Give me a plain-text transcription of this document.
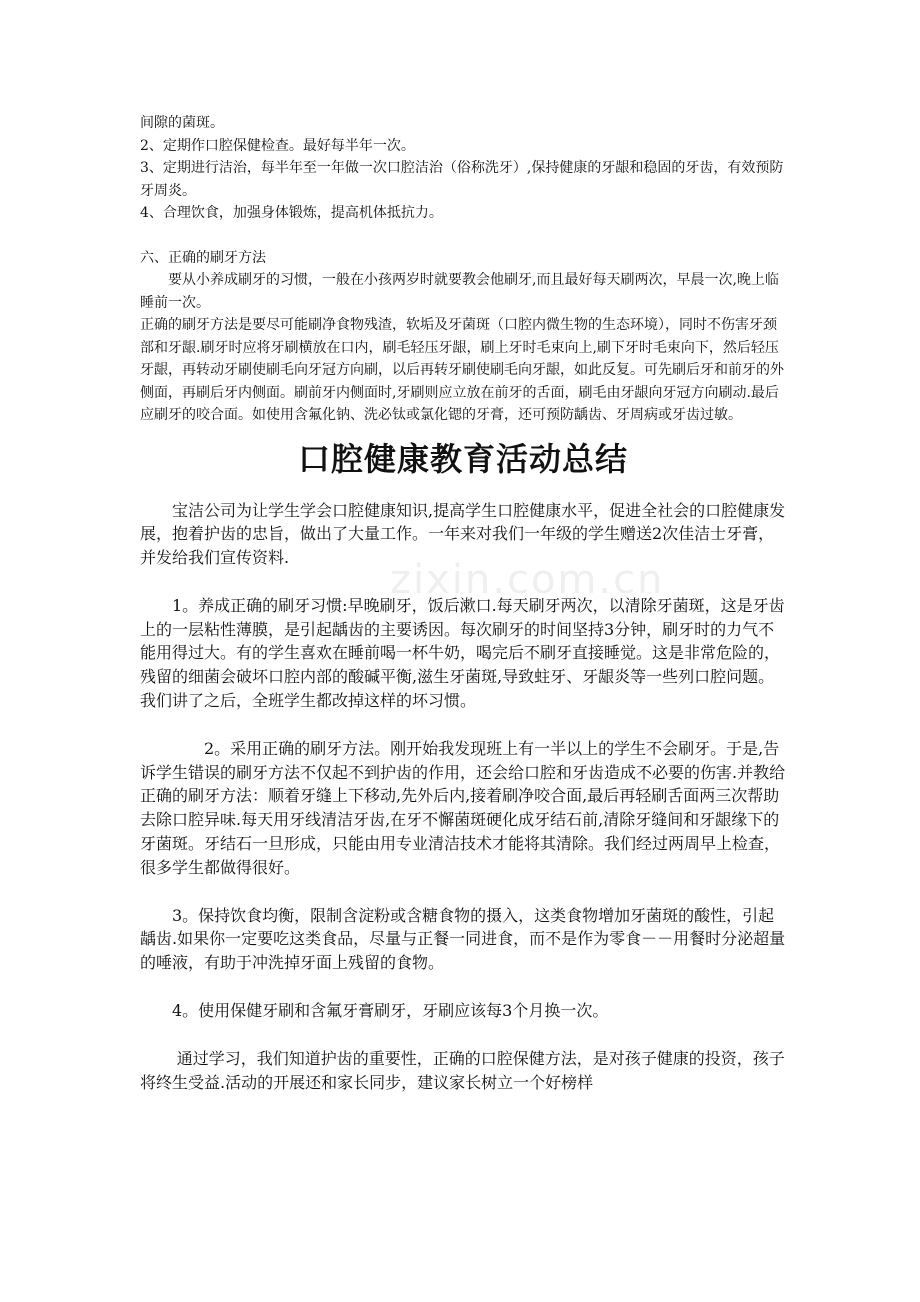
间隙的菌斑。

2、定期作口腔保健检查。最好每半年一次。

3、定期进行洁治，每半年至一年做一次口腔洁治（俗称洗牙）,保持健康的牙龈和稳固的牙齿，有效预防牙周炎。

4、合理饮食，加强身体锻炼，提高机体抵抗力。

六、正确的刷牙方法

要从小养成刷牙的习惯，一般在小孩两岁时就要教会他刷牙,而且最好每天刷两次，早晨一次,晚上临睡前一次。

正确的刷牙方法是要尽可能刷净食物残渣，软垢及牙菌斑（口腔内微生物的生态环境），同时不伤害牙颈部和牙龈.刷牙时应将牙刷横放在口内，刷毛轻压牙龈，刷上牙时毛束向上,刷下牙时毛束向下，然后轻压牙龈，再转动牙刷使刷毛向牙冠方向刷，以后再转牙刷使刷毛向牙龈，如此反复。可先刷后牙和前牙的外侧面，再刷后牙内侧面。刷前牙内侧面时,牙刷则应立放在前牙的舌面，刷毛由牙龈向牙冠方向刷动.最后应刷牙的咬合面。如使用含氟化钠、洗必钛或氯化锶的牙膏，还可预防龋齿、牙周病或牙齿过敏。

口腔健康教育活动总结

宝洁公司为让学生学会口腔健康知识,提高学生口腔健康水平，促进全社会的口腔健康发展，抱着护齿的忠旨，做出了大量工作。一年来对我们一年级的学生赠送2次佳洁士牙膏，并发给我们宣传资料.

1。养成正确的刷牙习惯:早晚刷牙，饭后漱口.每天刷牙两次，以清除牙菌斑，这是牙齿上的一层粘性薄膜，是引起龋齿的主要诱因。每次刷牙的时间坚持3分钟，刷牙时的力气不能用得过大。有的学生喜欢在睡前喝一杯牛奶，喝完后不刷牙直接睡觉。这是非常危险的，残留的细菌会破坏口腔内部的酸碱平衡,滋生牙菌斑,导致蛀牙、牙龈炎等一些列口腔问题。我们讲了之后，全班学生都改掉这样的坏习惯。

2。采用正确的刷牙方法。刚开始我发现班上有一半以上的学生不会刷牙。于是,告诉学生错误的刷牙方法不仅起不到护齿的作用，还会给口腔和牙齿造成不必要的伤害.并教给正确的刷牙方法：顺着牙缝上下移动,先外后内,接着刷净咬合面,最后再轻刷舌面两三次帮助去除口腔异味.每天用牙线清洁牙齿,在牙不懈菌斑硬化成牙结石前,清除牙缝间和牙龈缘下的牙菌斑。牙结石一旦形成，只能由用专业清洁技术才能将其清除。我们经过两周早上检查，很多学生都做得很好。

3。保持饮食均衡，限制含淀粉或含糖食物的摄入，这类食物增加牙菌斑的酸性，引起龋齿.如果你一定要吃这类食品，尽量与正餐一同进食，而不是作为零食－－用餐时分泌超量的唾液，有助于冲洗掉牙面上残留的食物。

4。使用保健牙刷和含氟牙膏刷牙，牙刷应该每3个月换一次。

通过学习，我们知道护齿的重要性，正确的口腔保健方法，是对孩子健康的投资，孩子将终生受益.活动的开展还和家长同步，建议家长树立一个好榜样

zixin.com.cn
